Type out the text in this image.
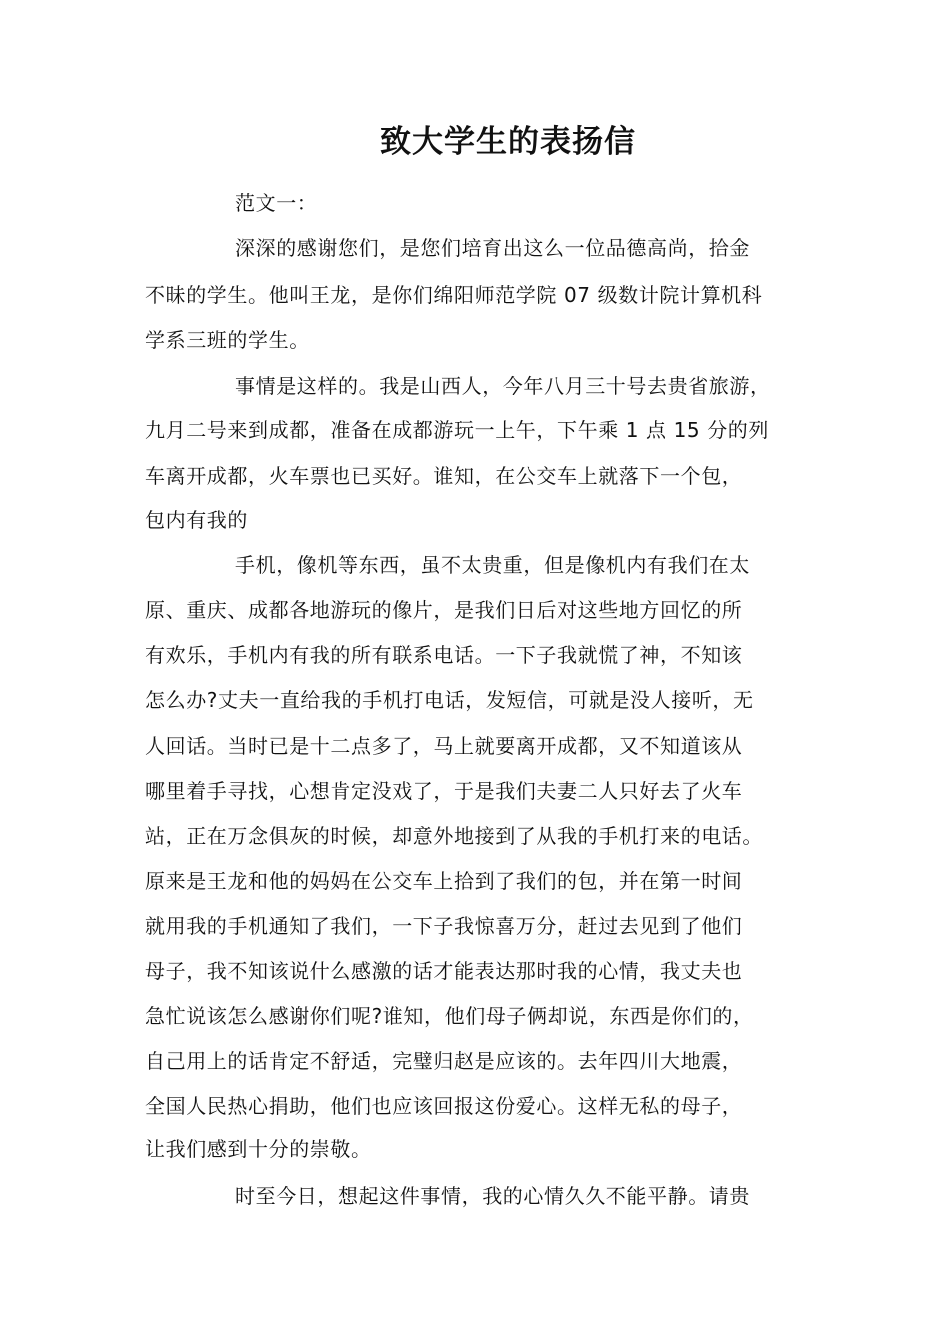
致大学生的表扬信
范文一：
深深的感谢您们，是您们培育出这么一位品德高尚，拾金
不昧的学生。他叫王龙，是你们绵阳师范学院 07 级数计院计算机科
学系三班的学生。
事情是这样的。我是山西人，今年八月三十号去贵省旅游，
九月二号来到成都，准备在成都游玩一上午，下午乘 1 点 15 分的列
车离开成都，火车票也已买好。谁知，在公交车上就落下一个包，
包内有我的
手机，像机等东西，虽不太贵重，但是像机内有我们在太
原、重庆、成都各地游玩的像片，是我们日后对这些地方回忆的所
有欢乐，手机内有我的所有联系电话。一下子我就慌了神，不知该
怎么办?丈夫一直给我的手机打电话，发短信，可就是没人接听，无
人回话。当时已是十二点多了，马上就要离开成都，又不知道该从
哪里着手寻找，心想肯定没戏了，于是我们夫妻二人只好去了火车
站，正在万念俱灰的时候，却意外地接到了从我的手机打来的电话。
原来是王龙和他的妈妈在公交车上拾到了我们的包，并在第一时间
就用我的手机通知了我们，一下子我惊喜万分，赶过去见到了他们
母子，我不知该说什么感激的话才能表达那时我的心情，我丈夫也
急忙说该怎么感谢你们呢?谁知，他们母子俩却说，东西是你们的，
自己用上的话肯定不舒适，完璧归赵是应该的。去年四川大地震，
全国人民热心捐助，他们也应该回报这份爱心。这样无私的母子，
让我们感到十分的崇敬。
时至今日，想起这件事情，我的心情久久不能平静。请贵
